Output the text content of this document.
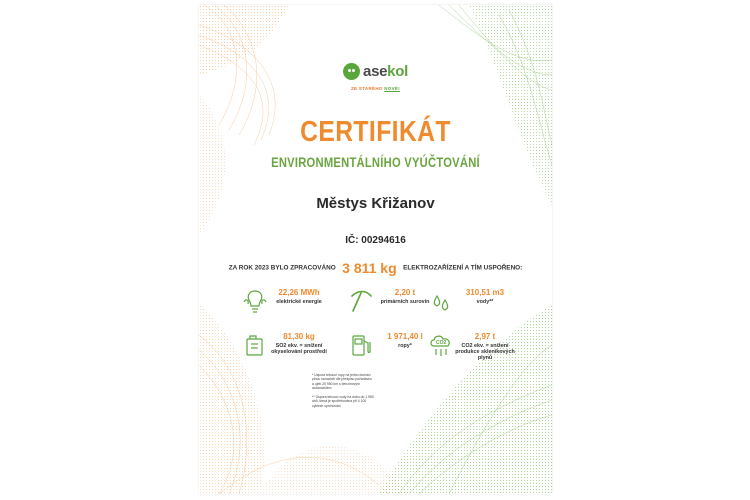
asekol
ZE STARÉHO NOVÉ!
CERTIFIKÁT
ENVIRONMENTÁLNÍHO VYÚČTOVÁNÍ
Městys Křižanov
IČ: 00294616
ZA ROK 2023 BYLO ZPRACOVÁNO 3 811 kg ELEKTROZAŘÍZENÍ A TÍM USPOŘENO:
22,26 MWh
elektrické energie
2,20 t
primárních surovin
310,51 m3
vody**
81,30 kg
SO2 ekv. = snížení okyselování prostředí
1 971,40 l
ropy*	CO2
2,97 t
CO2 ekv. = snížení produkce skleníkových plynů

* Uspora tekoucí ropy na jednu domácí plnou kanceláří dle předpisu požadavku a ujetí 25 950 km s benzínovým automobilem

** Úspora tekoucí vody na dobu do 1 980 dnů, která je spotřebována při 4 100 cyklech sprchování
